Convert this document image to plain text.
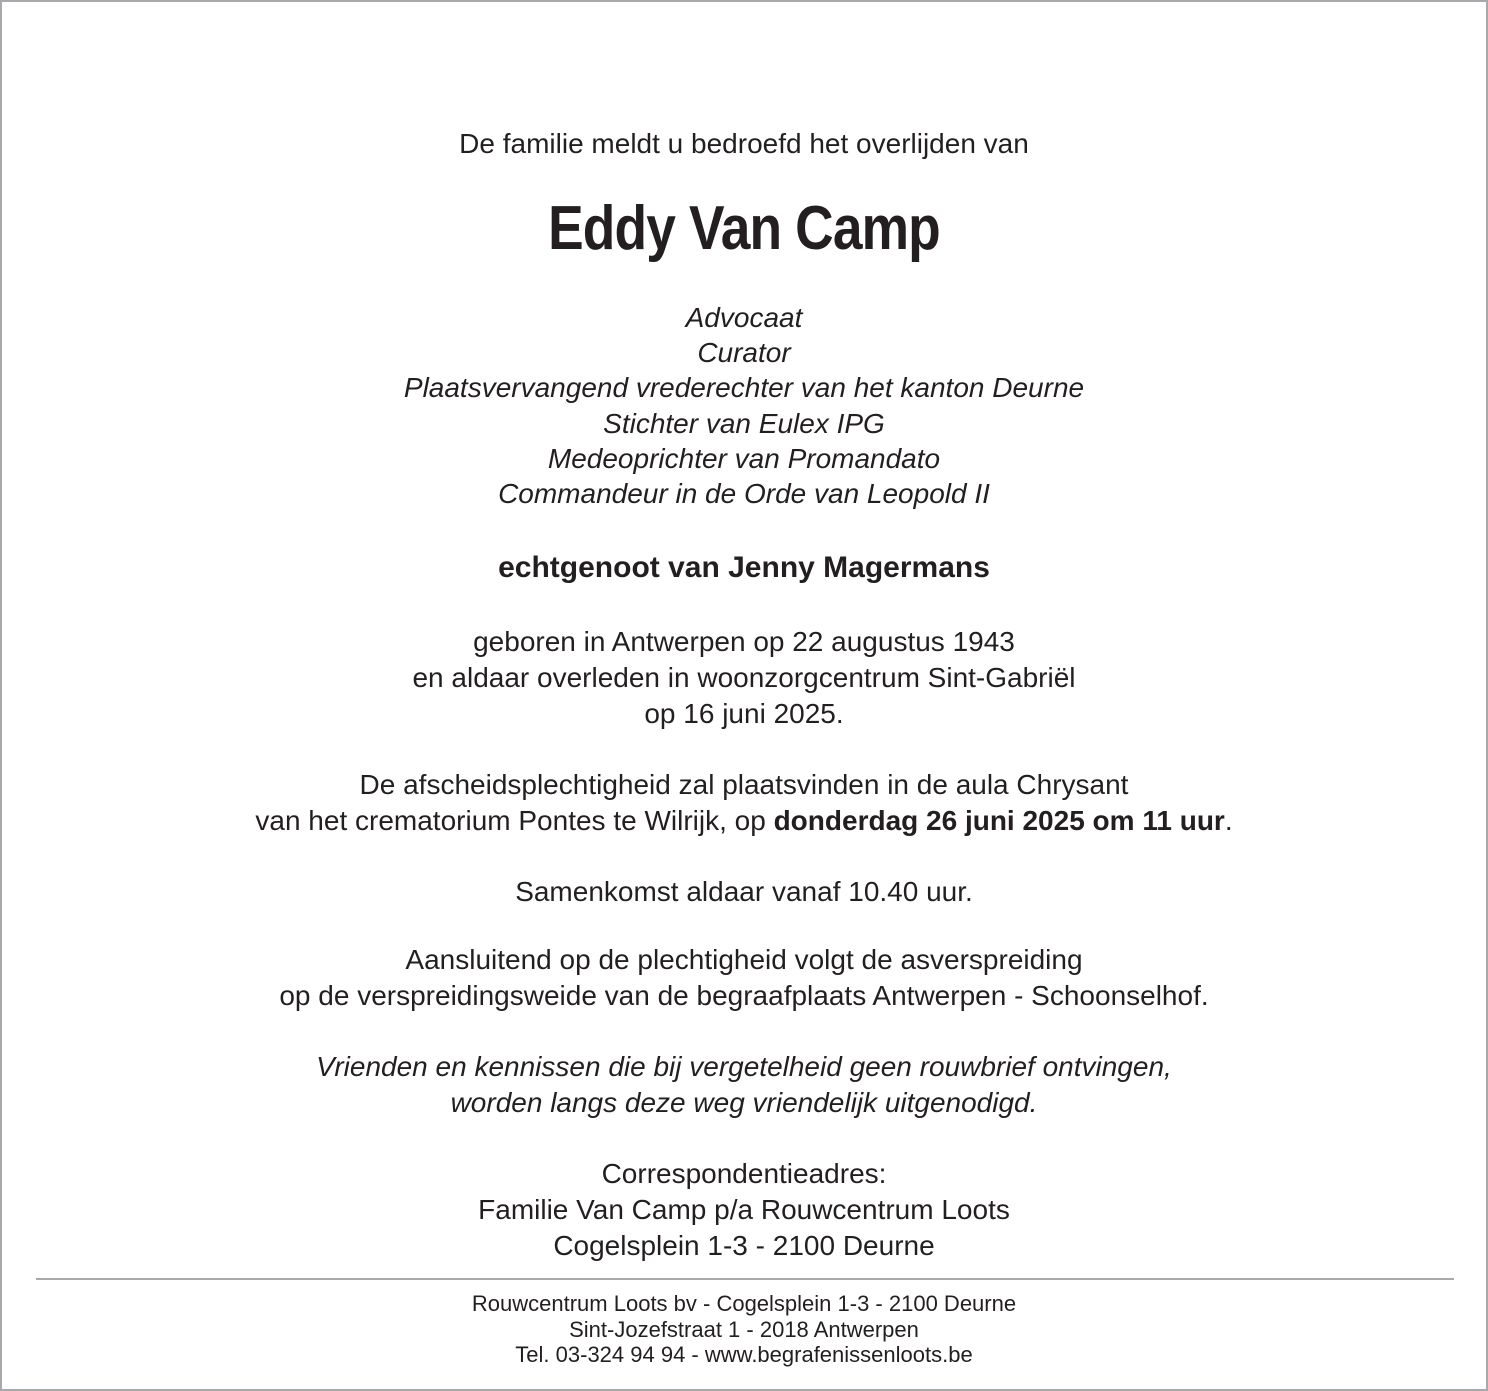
De familie meldt u bedroefd het overlijden van
Eddy Van Camp
Advocaat
Curator
Plaatsvervangend vrederechter van het kanton Deurne
Stichter van Eulex IPG
Medeoprichter van Promandato
Commandeur in de Orde van Leopold II
echtgenoot van Jenny Magermans
geboren in Antwerpen op 22 augustus 1943
en aldaar overleden in woonzorgcentrum Sint-Gabriël
op 16 juni 2025.
De afscheidsplechtigheid zal plaatsvinden in de aula Chrysant
van het crematorium Pontes te Wilrijk, op donderdag 26 juni 2025 om 11 uur.
Samenkomst aldaar vanaf 10.40 uur.
Aansluitend op de plechtigheid volgt de asverspreiding
op de verspreidingsweide van de begraafplaats Antwerpen - Schoonselhof.
Vrienden en kennissen die bij vergetelheid geen rouwbrief ontvingen,
worden langs deze weg vriendelijk uitgenodigd.
Correspondentieadres:
Familie Van Camp p/a Rouwcentrum Loots
Cogelsplein 1-3 - 2100 Deurne
Rouwcentrum Loots bv - Cogelsplein 1-3 - 2100 Deurne
Sint-Jozefstraat 1 - 2018 Antwerpen
Tel. 03-324 94 94 - www.begrafenissenloots.be
